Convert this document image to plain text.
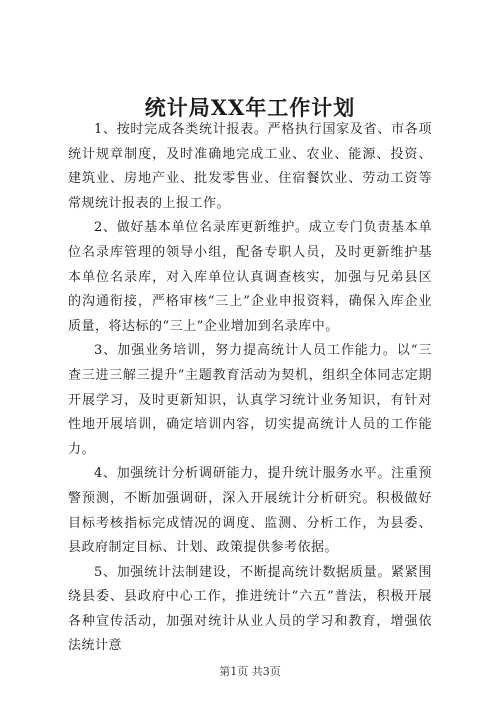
统计局XX年工作计划

1、按时完成各类统计报表。严格执行国家及省、市各项统计规章制度，及时准确地完成工业、农业、能源、投资、建筑业、房地产业、批发零售业、住宿餐饮业、劳动工资等常规统计报表的上报工作。

2、做好基本单位名录库更新维护。成立专门负责基本单位名录库管理的领导小组，配备专职人员，及时更新维护基本单位名录库，对入库单位认真调查核实，加强与兄弟县区的沟通衔接，严格审核“三上”企业申报资料，确保入库企业质量，将达标的“三上”企业增加到名录库中。

3、加强业务培训，努力提高统计人员工作能力。以“三查三进三解三提升”主题教育活动为契机，组织全体同志定期开展学习，及时更新知识，认真学习统计业务知识，有针对性地开展培训，确定培训内容，切实提高统计人员的工作能力。

4、加强统计分析调研能力，提升统计服务水平。注重预警预测，不断加强调研，深入开展统计分析研究。积极做好目标考核指标完成情况的调度、监测、分析工作，为县委、县政府制定目标、计划、政策提供参考依据。

5、加强统计法制建设，不断提高统计数据质量。紧紧围绕县委、县政府中心工作，推进统计“六五”普法，积极开展各种宣传活动，加强对统计从业人员的学习和教育，增强依法统计意

第1页 共3页
